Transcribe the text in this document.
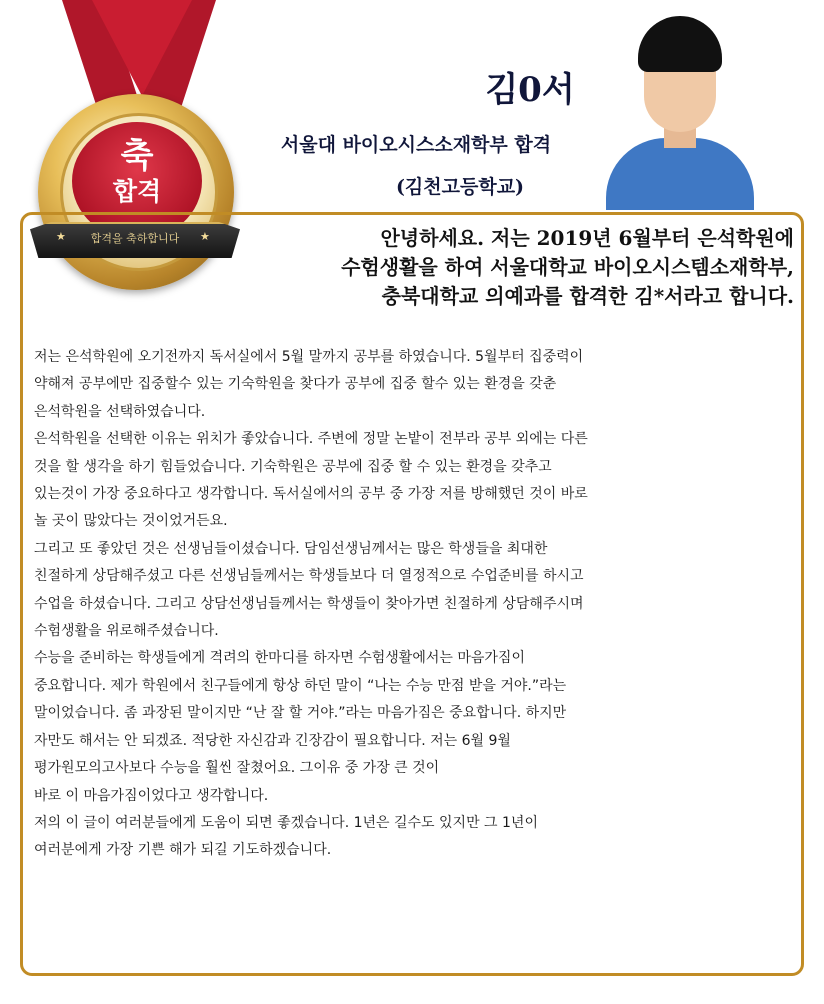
축
합격
★	합격을 축하합니다	★
김0서
서울대 바이오시스소재학부 합격
(김천고등학교)
안녕하세요. 저는 2019년 6월부터 은석학원에
수험생활을 하여 서울대학교 바이오시스템소재학부,
충북대학교 의예과를 합격한 김*서라고 합니다.
저는 은석학원에 오기전까지 독서실에서 5월 말까지 공부를 하였습니다. 5월부터 집중력이
약해져 공부에만 집중할수 있는 기숙학원을 찾다가 공부에 집중 할수 있는 환경을 갖춘
은석학원을 선택하였습니다.
은석학원을 선택한 이유는 위치가 좋았습니다. 주변에 정말 논밭이 전부라 공부 외에는 다른
것을 할 생각을 하기 힘들었습니다. 기숙학원은 공부에 집중 할 수 있는 환경을 갖추고
있는것이 가장 중요하다고 생각합니다. 독서실에서의 공부 중 가장 저를 방해했던 것이 바로
놀 곳이 많았다는 것이었거든요.
그리고 또 좋았던 것은 선생님들이셨습니다. 담임선생님께서는 많은 학생들을 최대한
친절하게 상담해주셨고 다른 선생님들께서는 학생들보다 더 열정적으로 수업준비를 하시고
수업을 하셨습니다. 그리고 상담선생님들께서는 학생들이 찾아가면 친절하게 상담해주시며
수험생활을 위로해주셨습니다.
수능을 준비하는 학생들에게 격려의 한마디를 하자면 수험생활에서는 마음가짐이
중요합니다. 제가 학원에서 친구들에게 항상 하던 말이 “나는 수능 만점 받을 거야.”라는
말이었습니다. 좀 과장된 말이지만 “난 잘 할 거야.”라는 마음가짐은 중요합니다. 하지만
자만도 해서는 안 되겠죠. 적당한 자신감과 긴장감이 필요합니다. 저는 6월 9월
평가원모의고사보다 수능을 훨씬 잘쳤어요. 그이유 중 가장 큰 것이
바로 이 마음가짐이었다고 생각합니다.
저의 이 글이 여러분들에게 도움이 되면 좋겠습니다. 1년은 길수도 있지만 그 1년이
여러분에게 가장 기쁜 해가 되길 기도하겠습니다.
